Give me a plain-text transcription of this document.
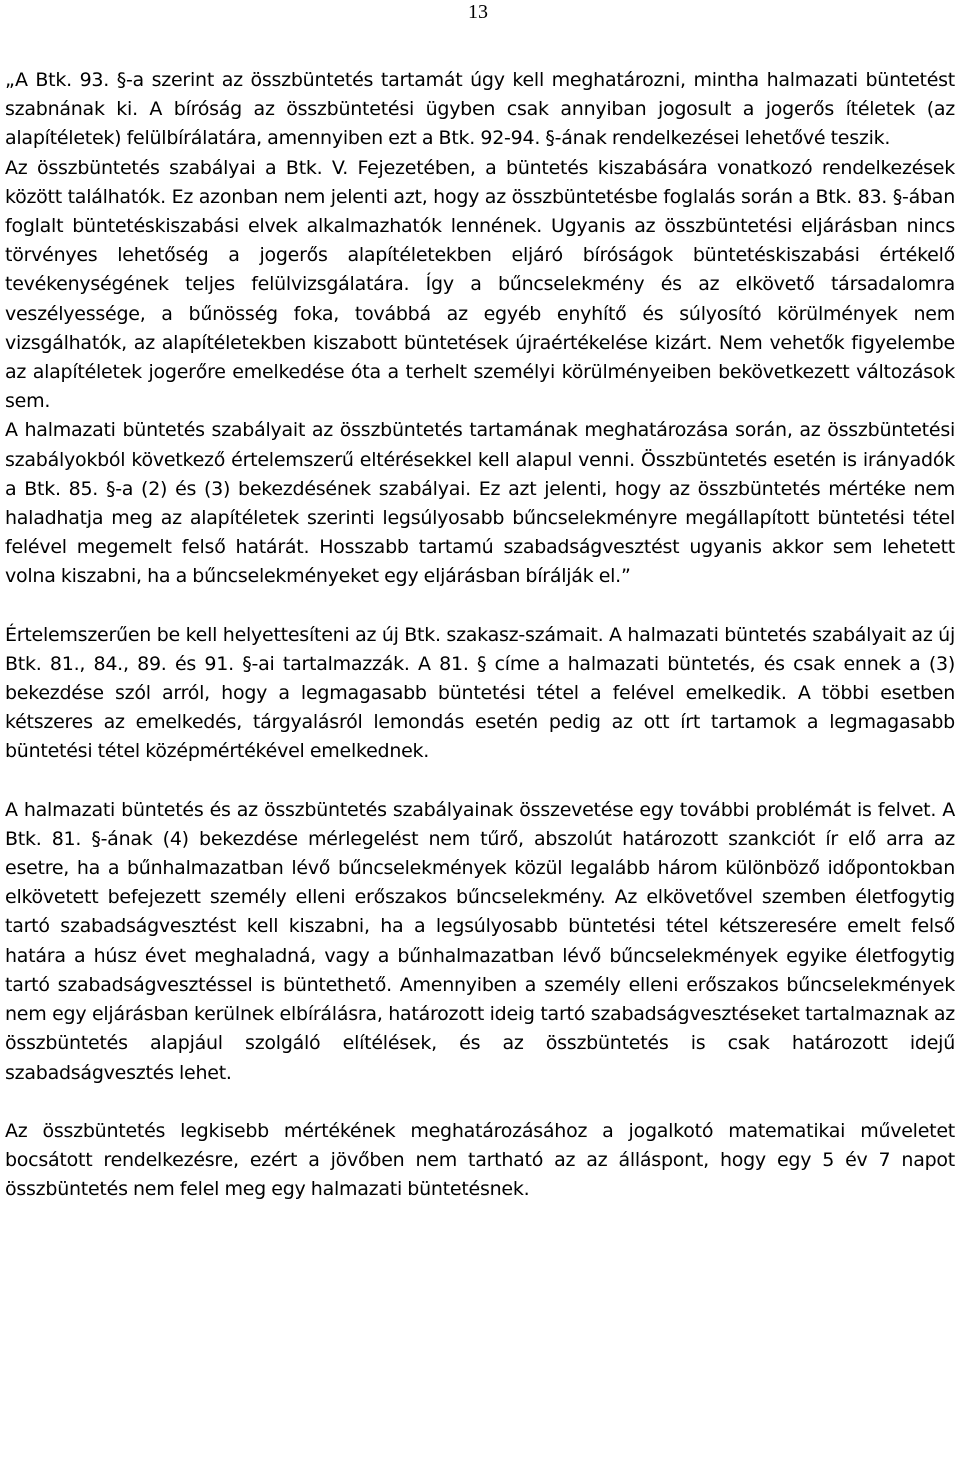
13

„A Btk. 93. §-a szerint az összbüntetés tartamát úgy kell meghatározni, mintha halmazati büntetést szabnának ki. A bíróság az összbüntetési ügyben csak annyiban jogosult a jogerős ítéletek (az alapítéletek) felülbírálatára, amennyiben ezt a Btk. 92-94. §-ának rendelkezései lehetővé teszik.

Az összbüntetés szabályai a Btk. V. Fejezetében, a büntetés kiszabására vonatkozó rendelkezések között találhatók. Ez azonban nem jelenti azt, hogy az összbüntetésbe foglalás során a Btk. 83. §-ában foglalt büntetéskiszabási elvek alkalmazhatók lennének. Ugyanis az összbüntetési eljárásban nincs törvényes lehetőség a jogerős alapítéletekben eljáró bíróságok büntetéskiszabási értékelő tevékenységének teljes felülvizsgálatára. Így a bűncselekmény és az elkövető társadalomra veszélyessége, a bűnösség foka, továbbá az egyéb enyhítő és súlyosító körülmények nem vizsgálhatók, az alapítéletekben kiszabott büntetések újraértékelése kizárt. Nem vehetők figyelembe az alapítéletek jogerőre emelkedése óta a terhelt személyi körülményeiben bekövetkezett változások sem.

A halmazati büntetés szabályait az összbüntetés tartamának meghatározása során, az összbüntetési szabályokból következő értelemszerű eltérésekkel kell alapul venni. Összbüntetés esetén is irányadók a Btk. 85. §-a (2) és (3) bekezdésének szabályai. Ez azt jelenti, hogy az összbüntetés mértéke nem haladhatja meg az alapítéletek szerinti legsúlyosabb bűncselekményre megállapított büntetési tétel felével megemelt felső határát. Hosszabb tartamú szabadságvesztést ugyanis akkor sem lehetett volna kiszabni, ha a bűncselekményeket egy eljárásban bírálják el.”

Értelemszerűen be kell helyettesíteni az új Btk. szakasz-számait. A halmazati büntetés szabályait az új Btk. 81., 84., 89. és 91. §-ai tartalmazzák. A 81. § címe a halmazati büntetés, és csak ennek a (3) bekezdése szól arról, hogy a legmagasabb büntetési tétel a felével emelkedik. A többi esetben kétszeres az emelkedés, tárgyalásról lemondás esetén pedig az ott írt tartamok a legmagasabb büntetési tétel középmértékével emelkednek.

A halmazati büntetés és az összbüntetés szabályainak összevetése egy további problémát is felvet. A Btk. 81. §-ának (4) bekezdése mérlegelést nem tűrő, abszolút határozott szankciót ír elő arra az esetre, ha a bűnhalmazatban lévő bűncselekmények közül legalább három különböző időpontokban elkövetett befejezett személy elleni erőszakos bűncselekmény. Az elkövetővel szemben életfogytig tartó szabadságvesztést kell kiszabni, ha a legsúlyosabb büntetési tétel kétszeresére emelt felső határa a húsz évet meghaladná, vagy a bűnhalmazatban lévő bűncselekmények egyike életfogytig tartó szabadságvesztéssel is büntethető. Amennyiben a személy elleni erőszakos bűncselekmények nem egy eljárásban kerülnek elbírálásra, határozott ideig tartó szabadságvesztéseket tartalmaznak az összbüntetés alapjául szolgáló elítélések, és az összbüntetés is csak határozott idejű szabadságvesztés lehet.

Az összbüntetés legkisebb mértékének meghatározásához a jogalkotó matematikai műveletet bocsátott rendelkezésre, ezért a jövőben nem tartható az az álláspont, hogy egy 5 év 7 napot összbüntetés nem felel meg egy halmazati büntetésnek.
